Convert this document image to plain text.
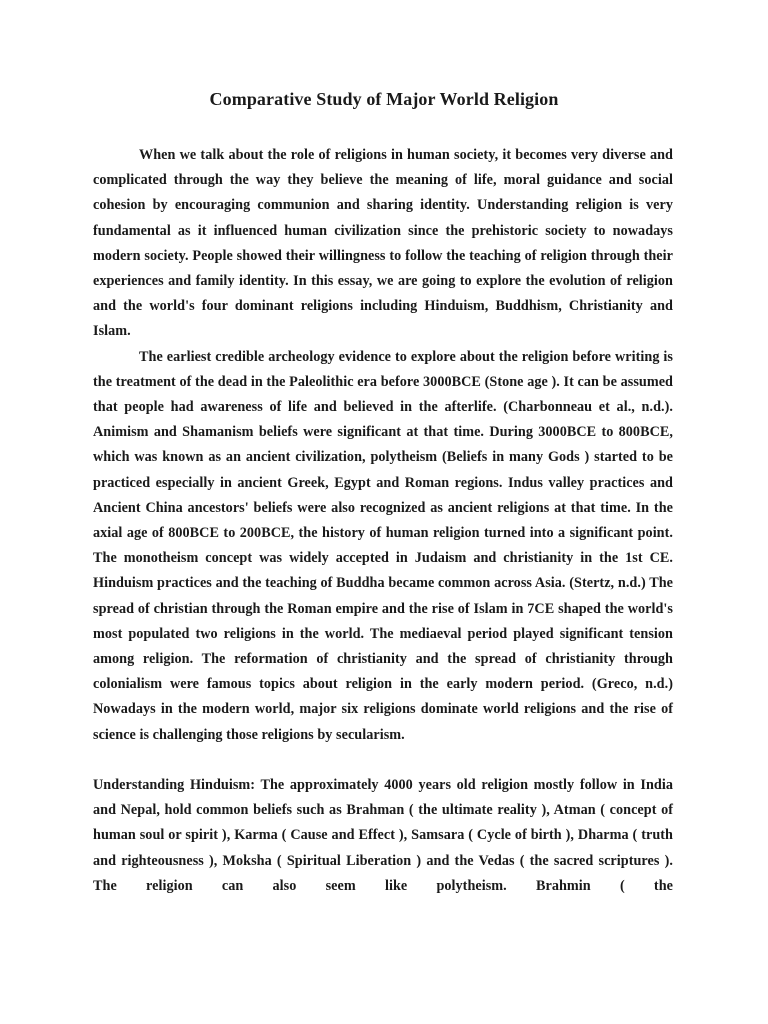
Comparative Study of Major World Religion

When we talk about the role of religions in human society, it becomes very diverse and complicated through the way they believe the meaning of life, moral guidance and social cohesion by encouraging communion and sharing identity. Understanding religion is very fundamental as it influenced human civilization since the prehistoric society to nowadays modern society. People showed their willingness to follow the teaching of religion through their experiences and family identity. In this essay, we are going to explore the evolution of religion and the world's four dominant religions including Hinduism, Buddhism, Christianity and Islam.

The earliest credible archeology evidence to explore about the religion before writing is the treatment of the dead in the Paleolithic era before 3000BCE (Stone age ). It can be assumed that people had awareness of life and believed in the afterlife. (Charbonneau et al., n.d.). Animism and Shamanism beliefs were significant at that time. During 3000BCE to 800BCE, which was known as an ancient civilization, polytheism (Beliefs in many Gods ) started to be practiced especially in ancient Greek, Egypt and Roman regions. Indus valley practices and Ancient China ancestors' beliefs were also recognized as ancient religions at that time. In the axial age of 800BCE to 200BCE, the history of human religion turned into a significant point. The monotheism concept was widely accepted in Judaism and christianity in the 1st CE. Hinduism practices and the teaching of Buddha became common across Asia. (Stertz, n.d.) The spread of christian through the Roman empire and the rise of Islam in 7CE shaped the world's most populated two religions in the world. The mediaeval period played significant tension among religion. The reformation of christianity and the spread of christianity through colonialism were famous topics about religion in the early modern period. (Greco, n.d.) Nowadays in the modern world, major six religions dominate world religions and the rise of science is challenging those religions by secularism.

Understanding Hinduism: The approximately 4000 years old religion mostly follow in India and Nepal, hold common beliefs such as Brahman ( the ultimate reality ), Atman ( concept of human soul or spirit ), Karma ( Cause and Effect ), Samsara ( Cycle of birth ), Dharma ( truth and righteousness ), Moksha ( Spiritual Liberation ) and the Vedas ( the sacred scriptures ). The religion can also seem like polytheism. Brahmin ( the
